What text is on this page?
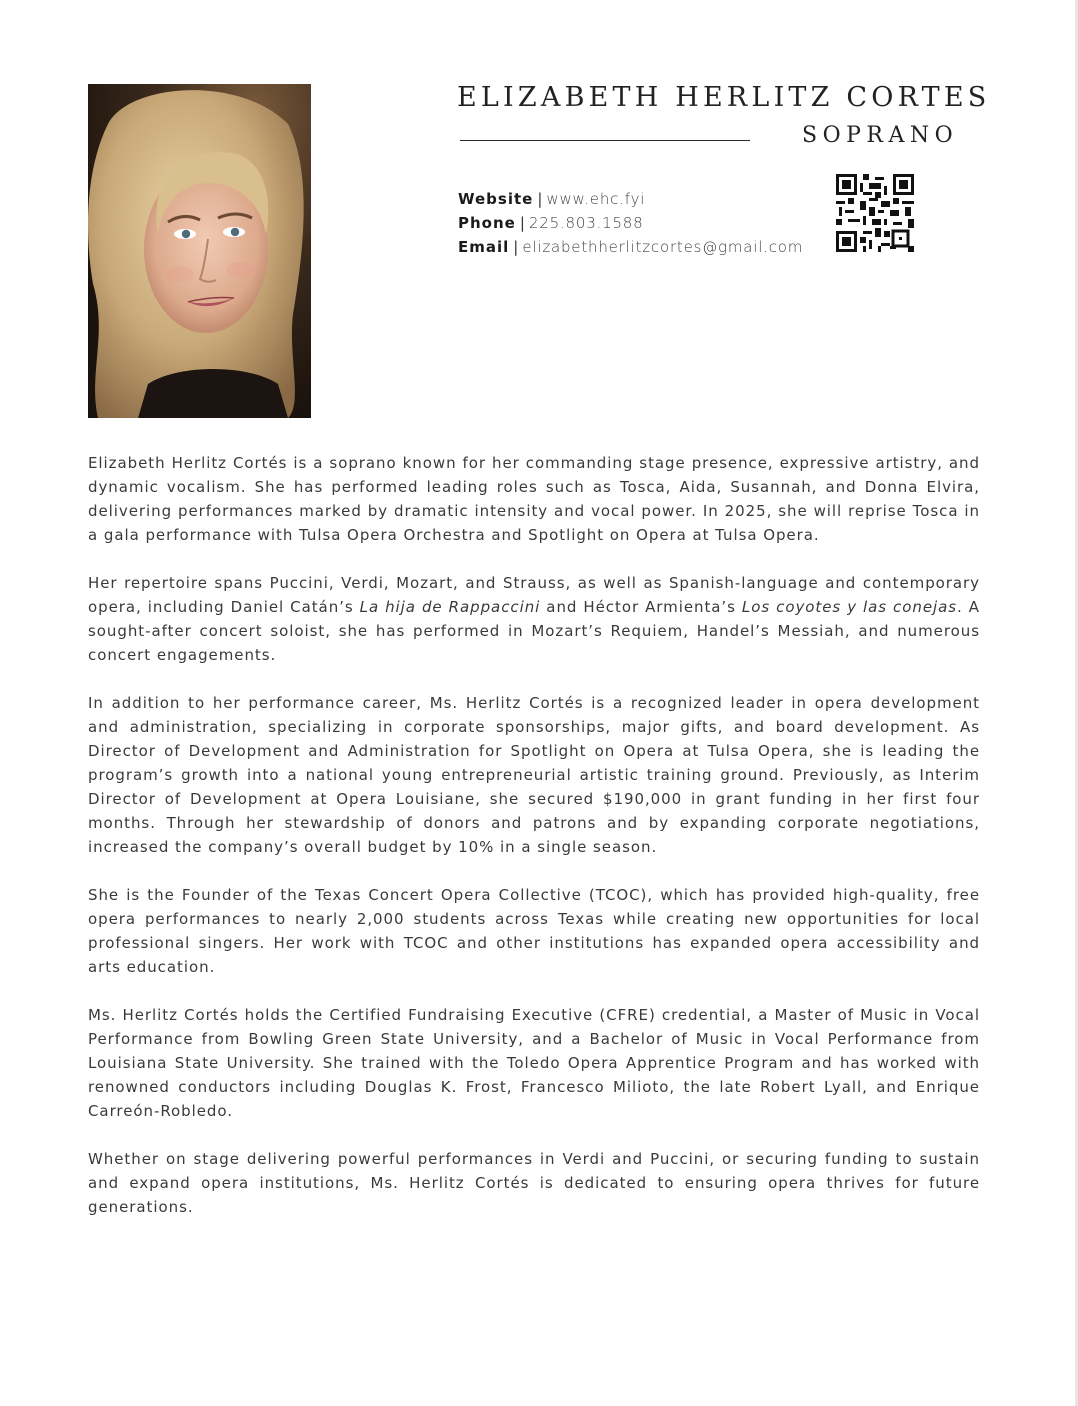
ELIZABETH HERLITZ CORTES
SOPRANO
Website | www.ehc.fyi
Phone | 225.803.1588
Email | elizabethherlitzcortes@gmail.com

Elizabeth Herlitz Cortés is a soprano known for her commanding stage presence, expressive artistry, and dynamic vocalism. She has performed leading roles such as Tosca, Aida, Susannah, and Donna Elvira, delivering performances marked by dramatic intensity and vocal power. In 2025, she will reprise Tosca in a gala performance with Tulsa Opera Orchestra and Spotlight on Opera at Tulsa Opera.

Her repertoire spans Puccini, Verdi, Mozart, and Strauss, as well as Spanish-language and contemporary opera, including Daniel Catán’s La hija de Rappaccini and Héctor Armienta’s Los coyotes y las conejas. A sought-after concert soloist, she has performed in Mozart’s Requiem, Handel’s Messiah, and numerous concert engagements.

In addition to her performance career, Ms. Herlitz Cortés is a recognized leader in opera development and administration, specializing in corporate sponsorships, major gifts, and board development. As Director of Development and Administration for Spotlight on Opera at Tulsa Opera, she is leading the program’s growth into a national young entrepreneurial artistic training ground. Previously, as Interim Director of Development at Opera Louisiane, she secured $190,000 in grant funding in her first four months. Through her stewardship of donors and patrons and by expanding corporate negotiations, increased the company’s overall budget by 10% in a single season.

She is the Founder of the Texas Concert Opera Collective (TCOC), which has provided high-quality, free opera performances to nearly 2,000 students across Texas while creating new opportunities for local professional singers. Her work with TCOC and other institutions has expanded opera accessibility and arts education.

Ms. Herlitz Cortés holds the Certified Fundraising Executive (CFRE) credential, a Master of Music in Vocal Performance from Bowling Green State University, and a Bachelor of Music in Vocal Performance from Louisiana State University. She trained with the Toledo Opera Apprentice Program and has worked with renowned conductors including Douglas K. Frost, Francesco Milioto, the late Robert Lyall, and Enrique Carreón-Robledo.

Whether on stage delivering powerful performances in Verdi and Puccini, or securing funding to sustain and expand opera institutions, Ms. Herlitz Cortés is dedicated to ensuring opera thrives for future generations.
